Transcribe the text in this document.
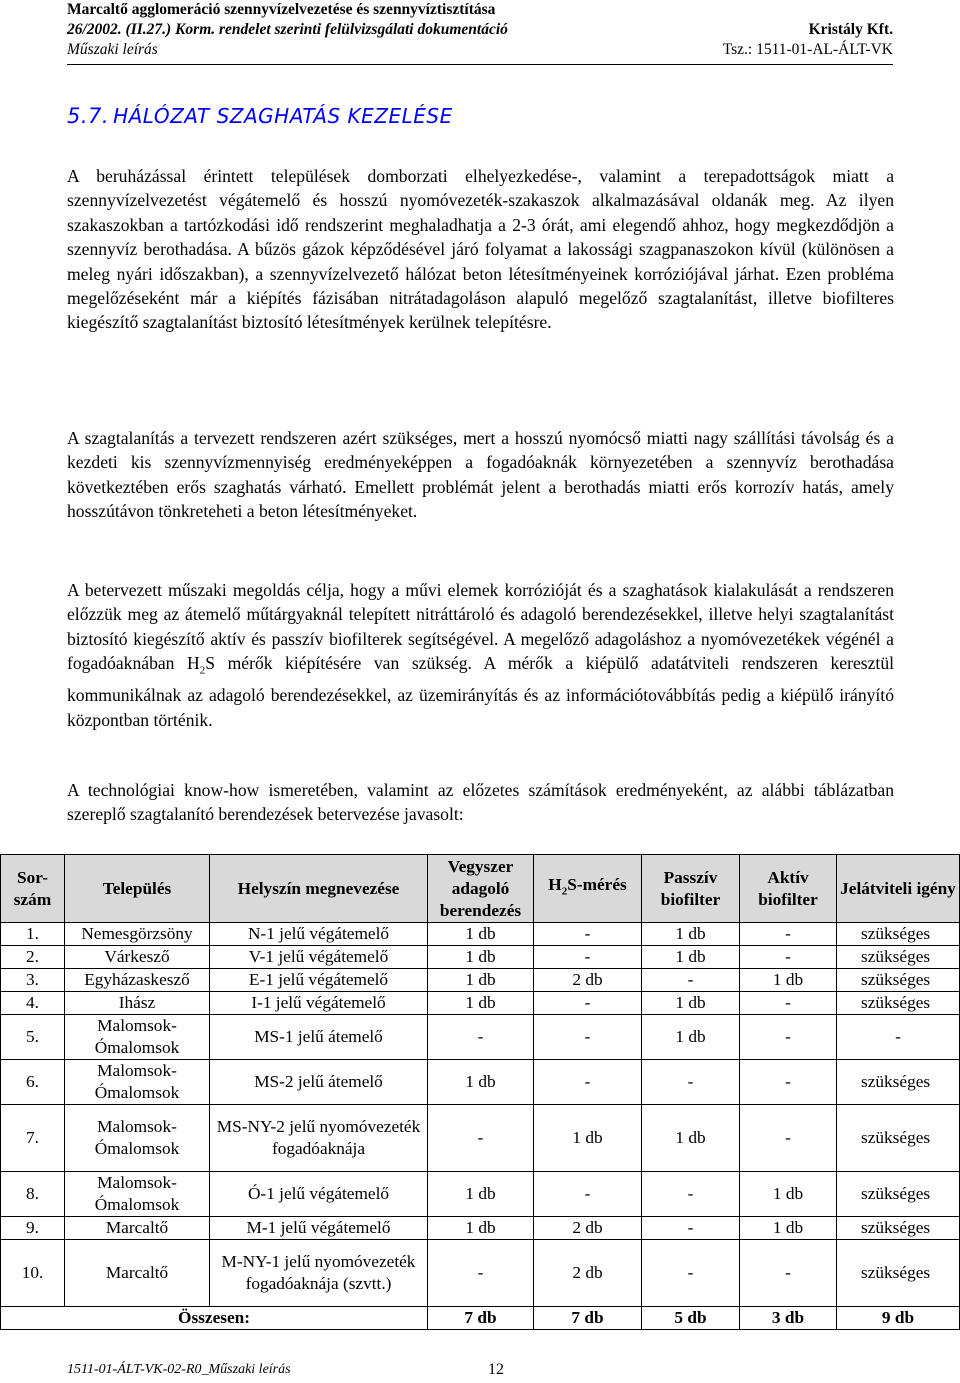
Marcaltő agglomeráció szennyvízelvezetése és szennyvíztisztítása
26/2002. (II.27.) Korm. rendelet szerinti felülvizsgálati dokumentáció	Kristály Kft.
Műszaki leírás	Tsz.: 1511-01-AL-ÁLT-VK
5.7. HÁLÓZAT SZAGHATÁS KEZELÉSE
A beruházással érintett települések domborzati elhelyezkedése-, valamint a terepadottságok miatt a szennyvízelvezetést végátemelő és hosszú nyomóvezeték-szakaszok alkalmazásával oldanák meg. Az ilyen szakaszokban a tartózkodási idő rendszerint meghaladhatja a 2-3 órát, ami elegendő ahhoz, hogy megkezdődjön a szennyvíz berothadása. A bűzös gázok képződésével járó folyamat a lakossági szagpanaszokon kívül (különösen a meleg nyári időszakban), a szennyvízelvezető hálózat beton létesítményeinek korróziójával járhat. Ezen probléma megelőzéseként már a kiépítés fázisában nitrátadagoláson alapuló megelőző szagtalanítást, illetve biofilteres kiegészítő szagtalanítást biztosító létesítmények kerülnek telepítésre.
A szagtalanítás a tervezett rendszeren azért szükséges, mert a hosszú nyomócső miatti nagy szállítási távolság és a kezdeti kis szennyvízmennyiség eredményeképpen a fogadóaknák környezetében a szennyvíz berothadása következtében erős szaghatás várható. Emellett problémát jelent a berothadás miatti erős korrozív hatás, amely hosszútávon tönkreteheti a beton létesítményeket.
A betervezett műszaki megoldás célja, hogy a művi elemek korrózióját és a szaghatások kialakulását a rendszeren előzzük meg az átemelő műtárgyaknál telepített nitráttároló és adagoló berendezésekkel, illetve helyi szagtalanítást biztosító kiegészítő aktív és passzív biofilterek segítségével. A megelőző adagoláshoz a nyomóvezetékek végénél a fogadóaknában $H_2S$ mérők kiépítésére van szükség. A mérők a kiépülő adatátviteli rendszeren keresztül kommunikálnak az adagoló berendezésekkel, az üzemirányítás és az információtovábbítás pedig a kiépülő irányító központban történik.
A technológiai know-how ismeretében, valamint az előzetes számítások eredményeként, az alábbi táblázatban szereplő szagtalanító berendezések betervezése javasolt:
Sor-szám	Település	Helyszín megnevezése	Vegyszer adagoló berendezés	$H_2S$-mérés	Passzív biofilter	Aktív biofilter	Jelátviteli igény
1.	Nemesgörzsöny	N-1 jelű végátemelő	1 db	-	1 db	-	szükséges
2.	Várkesző	V-1 jelű végátemelő	1 db	-	1 db	-	szükséges
3.	Egyházaskesző	E-1 jelű végátemelő	1 db	2 db	-	1 db	szükséges
4.	Ihász	I-1 jelű végátemelő	1 db	-	1 db	-	szükséges
5.	Malomsok-Ómalomsok	MS-1 jelű átemelő	-	-	1 db	-	-
6.	Malomsok-Ómalomsok	MS-2 jelű átemelő	1 db	-	-	-	szükséges
7.	Malomsok-Ómalomsok	MS-NY-2 jelű nyomóvezeték fogadóaknája	-	1 db	1 db	-	szükséges
8.	Malomsok-Ómalomsok	Ó-1 jelű végátemelő	1 db	-	-	1 db	szükséges
9.	Marcaltő	M-1 jelű végátemelő	1 db	2 db	-	1 db	szükséges
10.	Marcaltő	M-NY-1 jelű nyomóvezeték fogadóaknája (szvtt.)	-	2 db	-	-	szükséges
Összesen:			7 db	7 db	5 db	3 db	9 db
1511-01-ÁLT-VK-02-R0_Műszaki leírás	12
